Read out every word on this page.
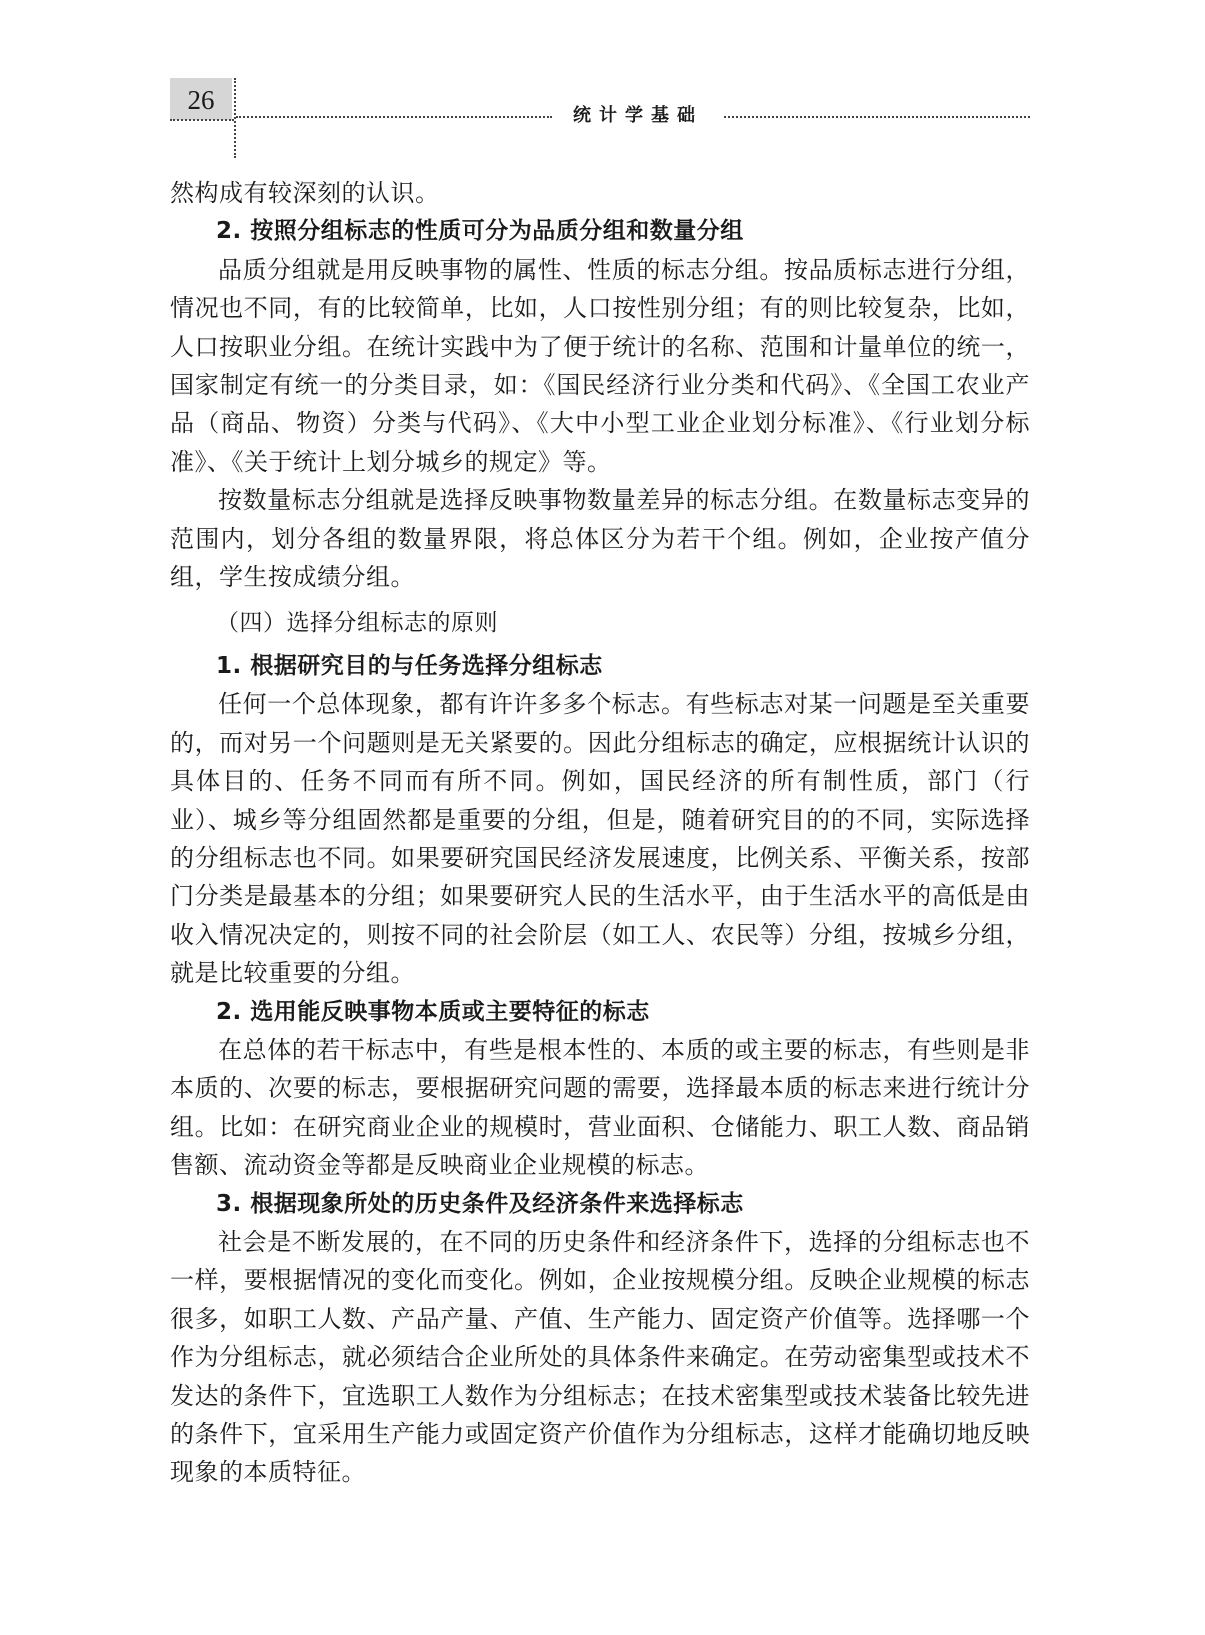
26
统计学基础

然构成有较深刻的认识。

2. 按照分组标志的性质可分为品质分组和数量分组

品质分组就是用反映事物的属性、性质的标志分组。按品质标志进行分组，情况也不同，有的比较简单，比如，人口按性别分组；有的则比较复杂，比如，人口按职业分组。在统计实践中为了便于统计的名称、范围和计量单位的统一，国家制定有统一的分类目录，如：《国民经济行业分类和代码》、《全国工农业产品（商品、物资）分类与代码》、《大中小型工业企业划分标准》、《行业划分标准》、《关于统计上划分城乡的规定》等。

按数量标志分组就是选择反映事物数量差异的标志分组。在数量标志变异的范围内，划分各组的数量界限，将总体区分为若干个组。例如，企业按产值分组，学生按成绩分组。

（四）选择分组标志的原则
1. 根据研究目的与任务选择分组标志

任何一个总体现象，都有许许多多个标志。有些标志对某一问题是至关重要的，而对另一个问题则是无关紧要的。因此分组标志的确定，应根据统计认识的具体目的、任务不同而有所不同。例如，国民经济的所有制性质，部门（行业）、城乡等分组固然都是重要的分组，但是，随着研究目的的不同，实际选择的分组标志也不同。如果要研究国民经济发展速度，比例关系、平衡关系，按部门分类是最基本的分组；如果要研究人民的生活水平，由于生活水平的高低是由收入情况决定的，则按不同的社会阶层（如工人、农民等）分组，按城乡分组，就是比较重要的分组。

2. 选用能反映事物本质或主要特征的标志

在总体的若干标志中，有些是根本性的、本质的或主要的标志，有些则是非本质的、次要的标志，要根据研究问题的需要，选择最本质的标志来进行统计分组。比如：在研究商业企业的规模时，营业面积、仓储能力、职工人数、商品销售额、流动资金等都是反映商业企业规模的标志。

3. 根据现象所处的历史条件及经济条件来选择标志

社会是不断发展的，在不同的历史条件和经济条件下，选择的分组标志也不一样，要根据情况的变化而变化。例如，企业按规模分组。反映企业规模的标志很多，如职工人数、产品产量、产值、生产能力、固定资产价值等。选择哪一个作为分组标志，就必须结合企业所处的具体条件来确定。在劳动密集型或技术不发达的条件下，宜选职工人数作为分组标志；在技术密集型或技术装备比较先进的条件下，宜采用生产能力或固定资产价值作为分组标志，这样才能确切地反映现象的本质特征。
